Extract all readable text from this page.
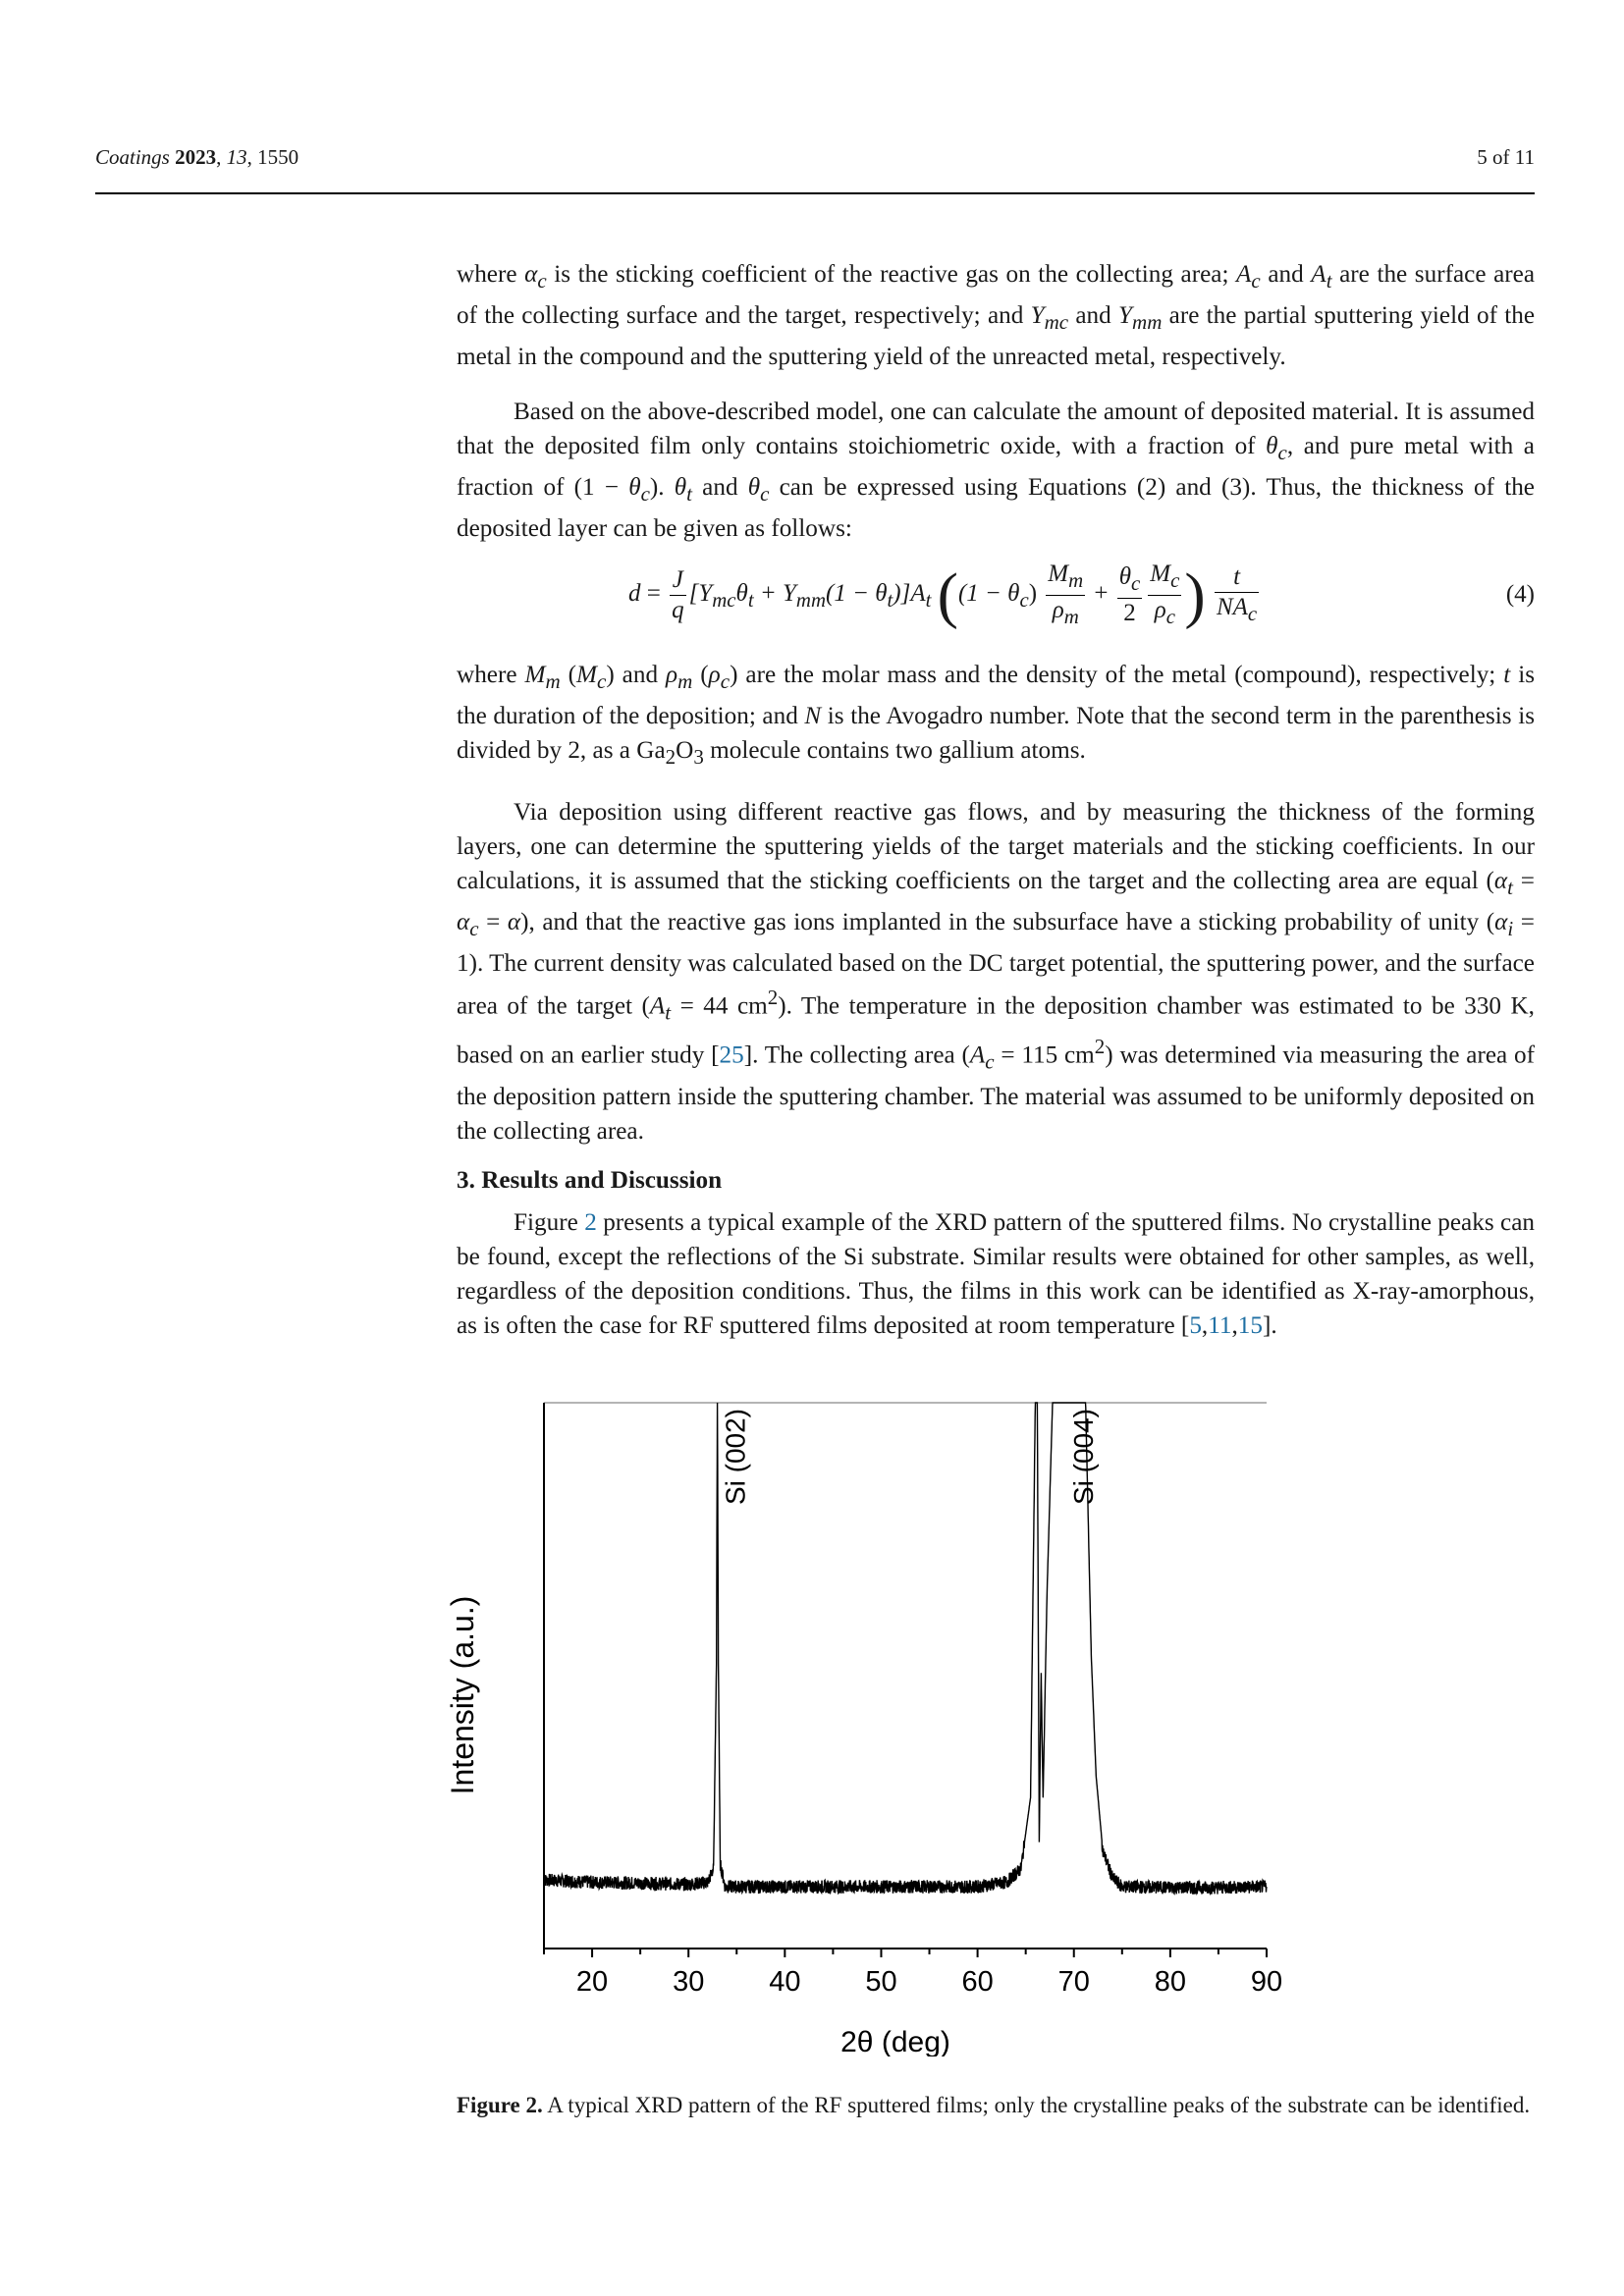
Coatings 2023, 13, 1550	5 of 11

where $\alpha_c$ is the sticking coefficient of the reactive gas on the collecting area; $A_c$ and $A_t$ are the surface area of the collecting surface and the target, respectively; and $Y_{mc}$ and $Y_{mm}$ are the partial sputtering yield of the metal in the compound and the sputtering yield of the unreacted metal, respectively.

Based on the above-described model, one can calculate the amount of deposited material. It is assumed that the deposited film only contains stoichiometric oxide, with a fraction of $\theta_c$, and pure metal with a fraction of $(1 - \theta_c)$. $\theta_t$ and $\theta_c$ can be expressed using Equations (2) and (3). Thus, the thickness of the deposited layer can be given as follows:

$d = \frac{J}{q} [Y_{mc}\theta_t + Y_{mm}(1 - \theta_t)]A_t$ ($(1 - \theta_c) \frac{M_m}{\rho_m} + \frac{\theta_c}{2} \frac{M_c}{\rho_c}$ ) $\frac{t}{NA_c}$	(4)

where $M_m$ $(M_c)$ and $\rho_m$ $(\rho_c)$ are the molar mass and the density of the metal (compound), respectively; t is the duration of the deposition; and N is the Avogadro number. Note that the second term in the parenthesis is divided by 2, as a $Ga_2O_3$ molecule contains two gallium atoms.

Via deposition using different reactive gas flows, and by measuring the thickness of the forming layers, one can determine the sputtering yields of the target materials and the sticking coefficients. In our calculations, it is assumed that the sticking coefficients on the target and the collecting area are equal $(\alpha_t = \alpha_c = \alpha)$, and that the reactive gas ions implanted in the subsurface have a sticking probability of unity $(\alpha_i = 1)$. The current density was calculated based on the DC target potential, the sputtering power, and the surface area of the target ($A_t = 44$ $cm^2$). The temperature in the deposition chamber was estimated to be 330 K, based on an earlier study [25]. The collecting area ($A_c = 115$ $cm^2$) was determined via measuring the area of the deposition pattern inside the sputtering chamber. The material was assumed to be uniformly deposited on the collecting area.

3. Results and Discussion

Figure 2 presents a typical example of the XRD pattern of the sputtered films. No crystalline peaks can be found, except the reflections of the Si substrate. Similar results were obtained for other samples, as well, regardless of the deposition conditions. Thus, the films in this work can be identified as X-ray-amorphous, as is often the case for RF sputtered films deposited at room temperature [5,11,15].

20 30 40 50 60 70 80 90
2θ (deg)
Intensity (a.u.)
Si (002)	Si (004)
Figure 2. A typical XRD pattern of the RF sputtered films; only the crystalline peaks of the substrate can be identified.
